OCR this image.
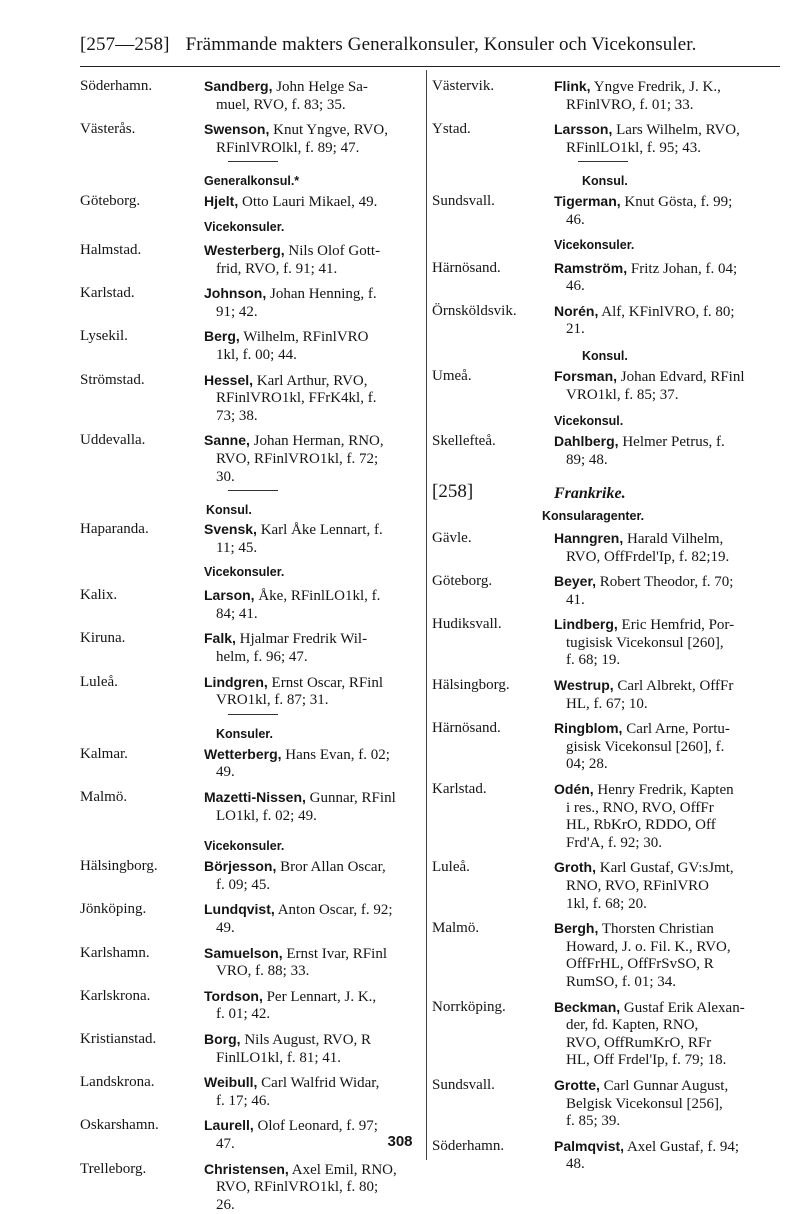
[257—258] Främmande makters Generalkonsuler, Konsuler och Vicekonsuler.
Söderhamn.	Sandberg, John Helge Sa-
muel, RVO, f. 83; 35.
Västerås.	Swenson, Knut Yngve, RVO,
RFinlVROlkl, f. 89; 47.
Generalkonsul.*
Göteborg.	Hjelt, Otto Lauri Mikael, 49.
Vicekonsuler.
Halmstad.	Westerberg, Nils Olof Gott-
frid, RVO, f. 91; 41.
Karlstad.	Johnson, Johan Henning, f.
91; 42.
Lysekil.	Berg, Wilhelm, RFinlVRO
1kl, f. 00; 44.
Strömstad.	Hessel, Karl Arthur, RVO,
RFinlVRO1kl, FFrK4kl, f.
73; 38.
Uddevalla.	Sanne, Johan Herman, RNO,
RVO, RFinlVRO1kl, f. 72;
30.
Konsul.
Haparanda.	Svensk, Karl Åke Lennart, f.
11; 45.
Vicekonsuler.
Kalix.	Larson, Åke, RFinlLO1kl, f.
84; 41.
Kiruna.	Falk, Hjalmar Fredrik Wil-
helm, f. 96; 47.
Luleå.	Lindgren, Ernst Oscar, RFinl
VRO1kl, f. 87; 31.
Konsuler.
Kalmar.	Wetterberg, Hans Evan, f. 02;
49.
Malmö.	Mazetti-Nissen, Gunnar, RFinl
LO1kl, f. 02; 49.
Vicekonsuler.
Hälsingborg.	Börjesson, Bror Allan Oscar,
f. 09; 45.
Jönköping.	Lundqvist, Anton Oscar, f. 92;
49.
Karlshamn.	Samuelson, Ernst Ivar, RFinl
VRO, f. 88; 33.
Karlskrona.	Tordson, Per Lennart, J. K.,
f. 01; 42.
Kristianstad.	Borg, Nils August, RVO, R
FinlLO1kl, f. 81; 41.
Landskrona.	Weibull, Carl Walfrid Widar,
f. 17; 46.
Oskarshamn.	Laurell, Olof Leonard, f. 97;
47.
Trelleborg.	Christensen, Axel Emil, RNO,
RVO, RFinlVRO1kl, f. 80;
26.
Västervik.	Flink, Yngve Fredrik, J. K.,
RFinlVRO, f. 01; 33.
Ystad.	Larsson, Lars Wilhelm, RVO,
RFinlLO1kl, f. 95; 43.
Konsul.
Sundsvall.	Tigerman, Knut Gösta, f. 99;
46.
Vicekonsuler.
Härnösand.	Ramström, Fritz Johan, f. 04;
46.
Örnsköldsvik.	Norén, Alf, KFinlVRO, f. 80;
21.
Konsul.
Umeå.	Forsman, Johan Edvard, RFinl
VRO1kl, f. 85; 37.
Vicekonsul.
Skellefteå.	Dahlberg, Helmer Petrus, f.
89; 48.
[258]	Frankrike.
Konsularagenter.
Gävle.	Hanngren, Harald Vilhelm,
RVO, OffFrdel'Ip, f. 82;19.
Göteborg.	Beyer, Robert Theodor, f. 70;
41.
Hudiksvall.	Lindberg, Eric Hemfrid, Por-
tugisisk Vicekonsul [260],
f. 68; 19.
Hälsingborg.	Westrup, Carl Albrekt, OffFr
HL, f. 67; 10.
Härnösand.	Ringblom, Carl Arne, Portu-
gisisk Vicekonsul [260], f.
04; 28.
Karlstad.	Odén, Henry Fredrik, Kapten
i res., RNO, RVO, OffFr
HL, RbKrO, RDDO, Off
Frd'A, f. 92; 30.
Luleå.	Groth, Karl Gustaf, GV:sJmt,
RNO, RVO, RFinlVRO
1kl, f. 68; 20.
Malmö.	Bergh, Thorsten Christian
Howard, J. o. Fil. K., RVO,
OffFrHL, OffFrSvSO, R
RumSO, f. 01; 34.
Norrköping.	Beckman, Gustaf Erik Alexan-
der, fd. Kapten, RNO,
RVO, OffRumKrO, RFr
HL, Off Frdel'Ip, f. 79; 18.
Sundsvall.	Grotte, Carl Gunnar August,
Belgisk Vicekonsul [256],
f. 85; 39.
Söderhamn.	Palmqvist, Axel Gustaf, f. 94;
48.
308
